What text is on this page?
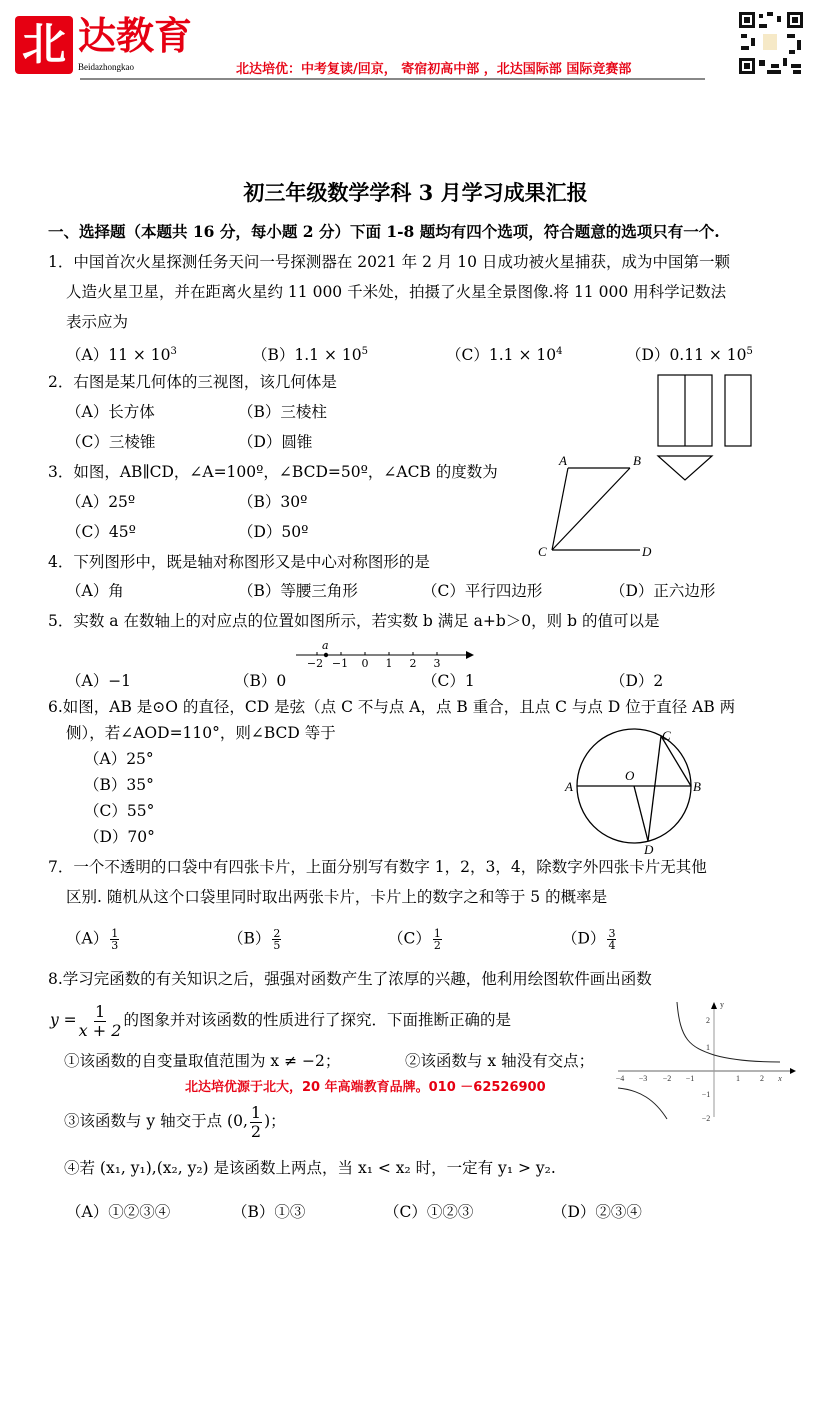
北 达教育
Beidazhongkao	北达培优：中考复读/回京， 寄宿初高中部 ，北达国际部 国际竞赛部
初三年级数学学科 3 月学习成果汇报
一、选择题（本题共 16 分，每小题 2 分）下面 1-8 题均有四个选项，符合题意的选项只有一个.
1．中国首次火星探测任务天问一号探测器在 2021 年 2 月 10 日成功被火星捕获，成为中国第一颗
人造火星卫星，并在距离火星约 11 000 千米处，拍摄了火星全景图像.将 11 000 用科学记数法
表示应为
$(A)11 \times 10^3$	$(B)1.1 \times 10^5$	$(C)1.1 \times 10^4$	$(D)0.11 \times 10^5$
2．右图是某几何体的三视图，该几何体是
（A）长方体	（B）三棱柱
（C）三棱锥	（D）圆锥
3．如图，AB∥CD，∠A=100º，∠BCD=50º，∠ACB 的度数为
（A）25º	（B）30º
（C）45º	（D）50º
A	B
C	D
4．下列图形中，既是轴对称图形又是中心对称图形的是
（A）角	（B）等腰三角形	（C）平行四边形	（D）正六边形
5．实数 a 在数轴上的对应点的位置如图所示，若实数 b 满足 a+b＞0，则 b 的值可以是
a
−2 −1 0 1 2 3
（A）−1	（B）0	（C）1	（D）2
6.如图，AB 是⊙O 的直径，CD 是弦（点 C 不与点 A，点 B 重合，且点 C 与点 D 位于直径 AB 两
侧），若∠AOD=110°，则∠BCD 等于
（A）25°
（B）35°
（C）55°
（D）70°
A	B
C
D
O
7．一个不透明的口袋中有四张卡片，上面分别写有数字 1，2，3，4，除数字外四张卡片无其他
区别. 随机从这个口袋里同时取出两张卡片，卡片上的数字之和等于 5 的概率是
$(A) \frac{1}{3}$	$(B) \frac{2}{5}$	$(C) \frac{1}{2}$	$(D) \frac{3}{4}$
8.学习完函数的有关知识之后，强强对函数产生了浓厚的兴趣，他利用绘图软件画出函数
$y = \frac{1}{x + 2}$ 的图象并对该函数的性质进行了探究．下面推断正确的是
①该函数的自变量取值范围为 x ≠ −2；	②该函数与 x 轴没有交点；
北达培优源于北大，20 年高端教育品牌。010 －62526900
③该函数与 y 轴交于点 (0, $\frac{1}{2}$ )；
④若 (x₁, y₁),(x₂, y₂) 是该函数上两点，当 x₁ < x₂ 时，一定有 y₁ > y₂.
（A）①②③④	（B）①③	（C）①②③	（D）②③④
−4 −3 −2 −1	1	2 x
y
2
1
−1
−2
